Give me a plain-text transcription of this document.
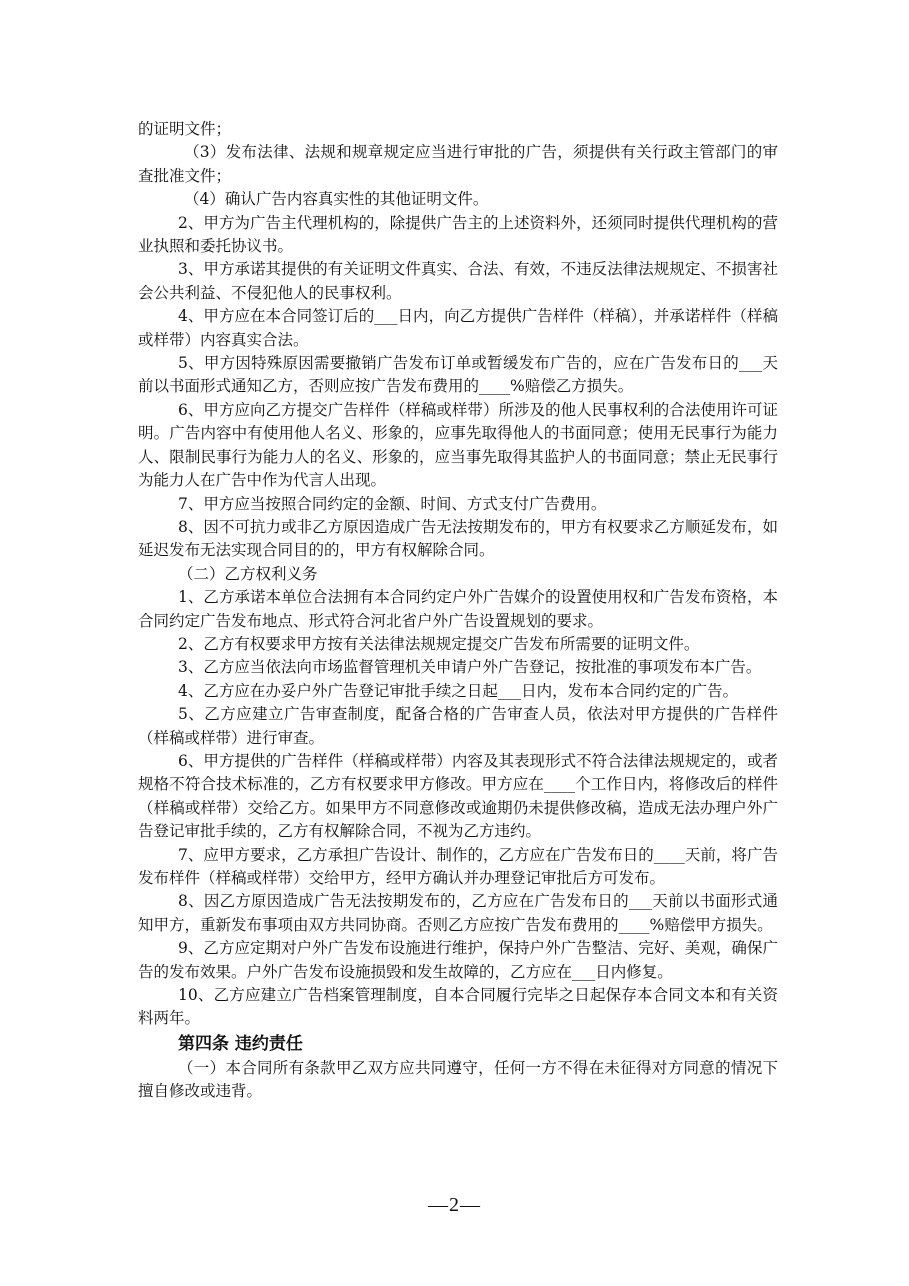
的证明文件；

（3）发布法律、法规和规章规定应当进行审批的广告，须提供有关行政主管部门的审查批准文件；

（4）确认广告内容真实性的其他证明文件。

2、甲方为广告主代理机构的，除提供广告主的上述资料外，还须同时提供代理机构的营业执照和委托协议书。

3、甲方承诺其提供的有关证明文件真实、合法、有效，不违反法律法规规定、不损害社会公共利益、不侵犯他人的民事权利。

4、甲方应在本合同签订后的___日内，向乙方提供广告样件（样稿），并承诺样件（样稿或样带）内容真实合法。

5、甲方因特殊原因需要撤销广告发布订单或暂缓发布广告的，应在广告发布日的___天前以书面形式通知乙方，否则应按广告发布费用的____%赔偿乙方损失。

6、甲方应向乙方提交广告样件（样稿或样带）所涉及的他人民事权利的合法使用许可证明。广告内容中有使用他人名义、形象的，应事先取得他人的书面同意；使用无民事行为能力人、限制民事行为能力人的名义、形象的，应当事先取得其监护人的书面同意；禁止无民事行为能力人在广告中作为代言人出现。

7、甲方应当按照合同约定的金额、时间、方式支付广告费用。

8、因不可抗力或非乙方原因造成广告无法按期发布的，甲方有权要求乙方顺延发布，如延迟发布无法实现合同目的的，甲方有权解除合同。

（二）乙方权利义务

1、乙方承诺本单位合法拥有本合同约定户外广告媒介的设置使用权和广告发布资格，本合同约定广告发布地点、形式符合河北省户外广告设置规划的要求。

2、乙方有权要求甲方按有关法律法规规定提交广告发布所需要的证明文件。

3、乙方应当依法向市场监督管理机关申请户外广告登记，按批准的事项发布本广告。

4、乙方应在办妥户外广告登记审批手续之日起___日内，发布本合同约定的广告。

5、乙方应建立广告审查制度，配备合格的广告审查人员，依法对甲方提供的广告样件（样稿或样带）进行审查。

6、甲方提供的广告样件（样稿或样带）内容及其表现形式不符合法律法规规定的，或者规格不符合技术标准的，乙方有权要求甲方修改。甲方应在____个工作日内，将修改后的样件（样稿或样带）交给乙方。如果甲方不同意修改或逾期仍未提供修改稿，造成无法办理户外广告登记审批手续的，乙方有权解除合同，不视为乙方违约。

7、应甲方要求，乙方承担广告设计、制作的，乙方应在广告发布日的____天前，将广告发布样件（样稿或样带）交给甲方，经甲方确认并办理登记审批后方可发布。

8、因乙方原因造成广告无法按期发布的，乙方应在广告发布日的___天前以书面形式通知甲方，重新发布事项由双方共同协商。否则乙方应按广告发布费用的____%赔偿甲方损失。

9、乙方应定期对户外广告发布设施进行维护，保持户外广告整洁、完好、美观，确保广告的发布效果。户外广告发布设施损毁和发生故障的，乙方应在___日内修复。

10、乙方应建立广告档案管理制度，自本合同履行完毕之日起保存本合同文本和有关资料两年。

第四条 违约责任

（一）本合同所有条款甲乙双方应共同遵守，任何一方不得在未征得对方同意的情况下擅自修改或违背。

—2—
